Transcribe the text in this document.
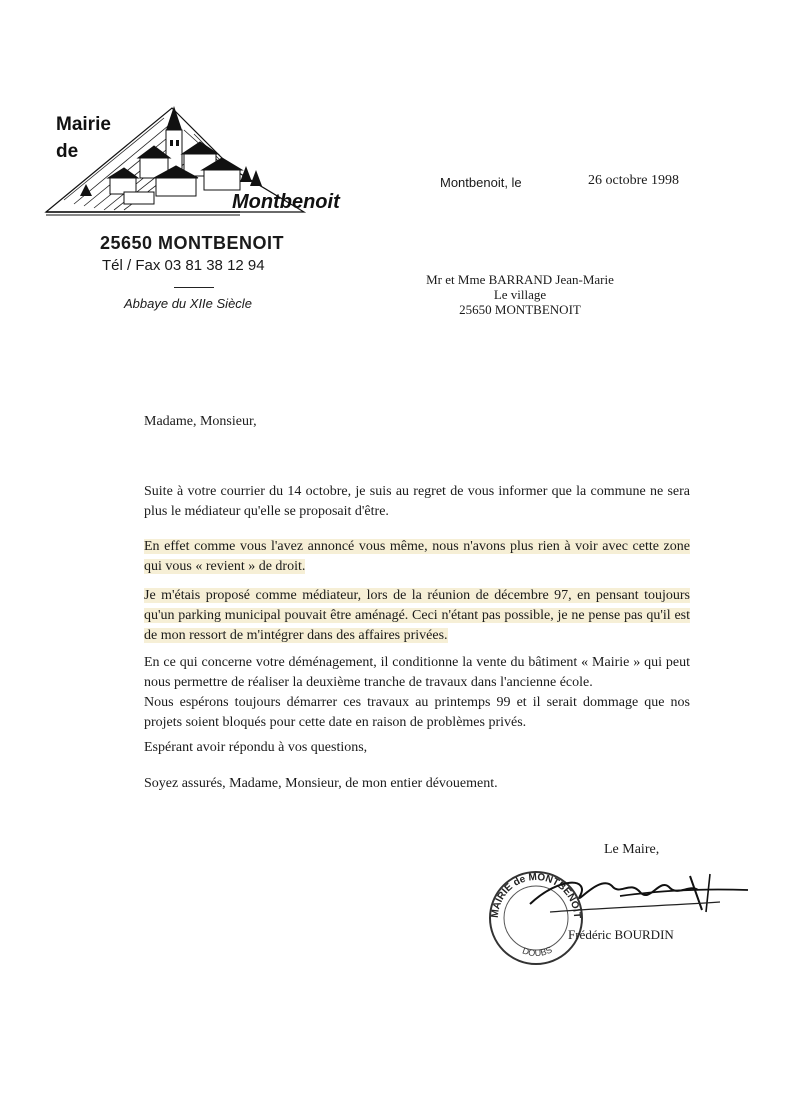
Mairie
de
Montbenoit
25650 MONTBENOIT
Tél / Fax 03 81 38 12 94
Abbaye du XIIe Siècle
Montbenoit, le	26 octobre 1998
Mr et Mme BARRAND Jean-Marie
Le village
25650 MONTBENOIT
Madame, Monsieur,
Suite à votre courrier du 14 octobre, je suis au regret de vous informer que la commune ne sera plus le médiateur qu'elle se proposait d'être.
En effet comme vous l'avez annoncé vous même, nous n'avons plus rien à voir avec cette zone qui vous « revient » de droit.
Je m'étais proposé comme médiateur, lors de la réunion de décembre 97, en pensant toujours qu'un parking municipal pouvait être aménagé. Ceci n'étant pas possible, je ne pense pas qu'il est de mon ressort de m'intégrer dans des affaires privées.
En ce qui concerne votre déménagement, il conditionne la vente du bâtiment « Mairie » qui peut nous permettre de réaliser la deuxième tranche de travaux dans l'ancienne école.
Nous espérons toujours démarrer ces travaux au printemps 99 et il serait dommage que nos projets soient bloqués pour cette date en raison de problèmes privés.
Espérant avoir répondu à vos questions,
Soyez assurés, Madame, Monsieur, de mon entier dévouement.
Le Maire,
MAIRIE de MONTBENOIT
DOUBS
Frédéric BOURDIN
